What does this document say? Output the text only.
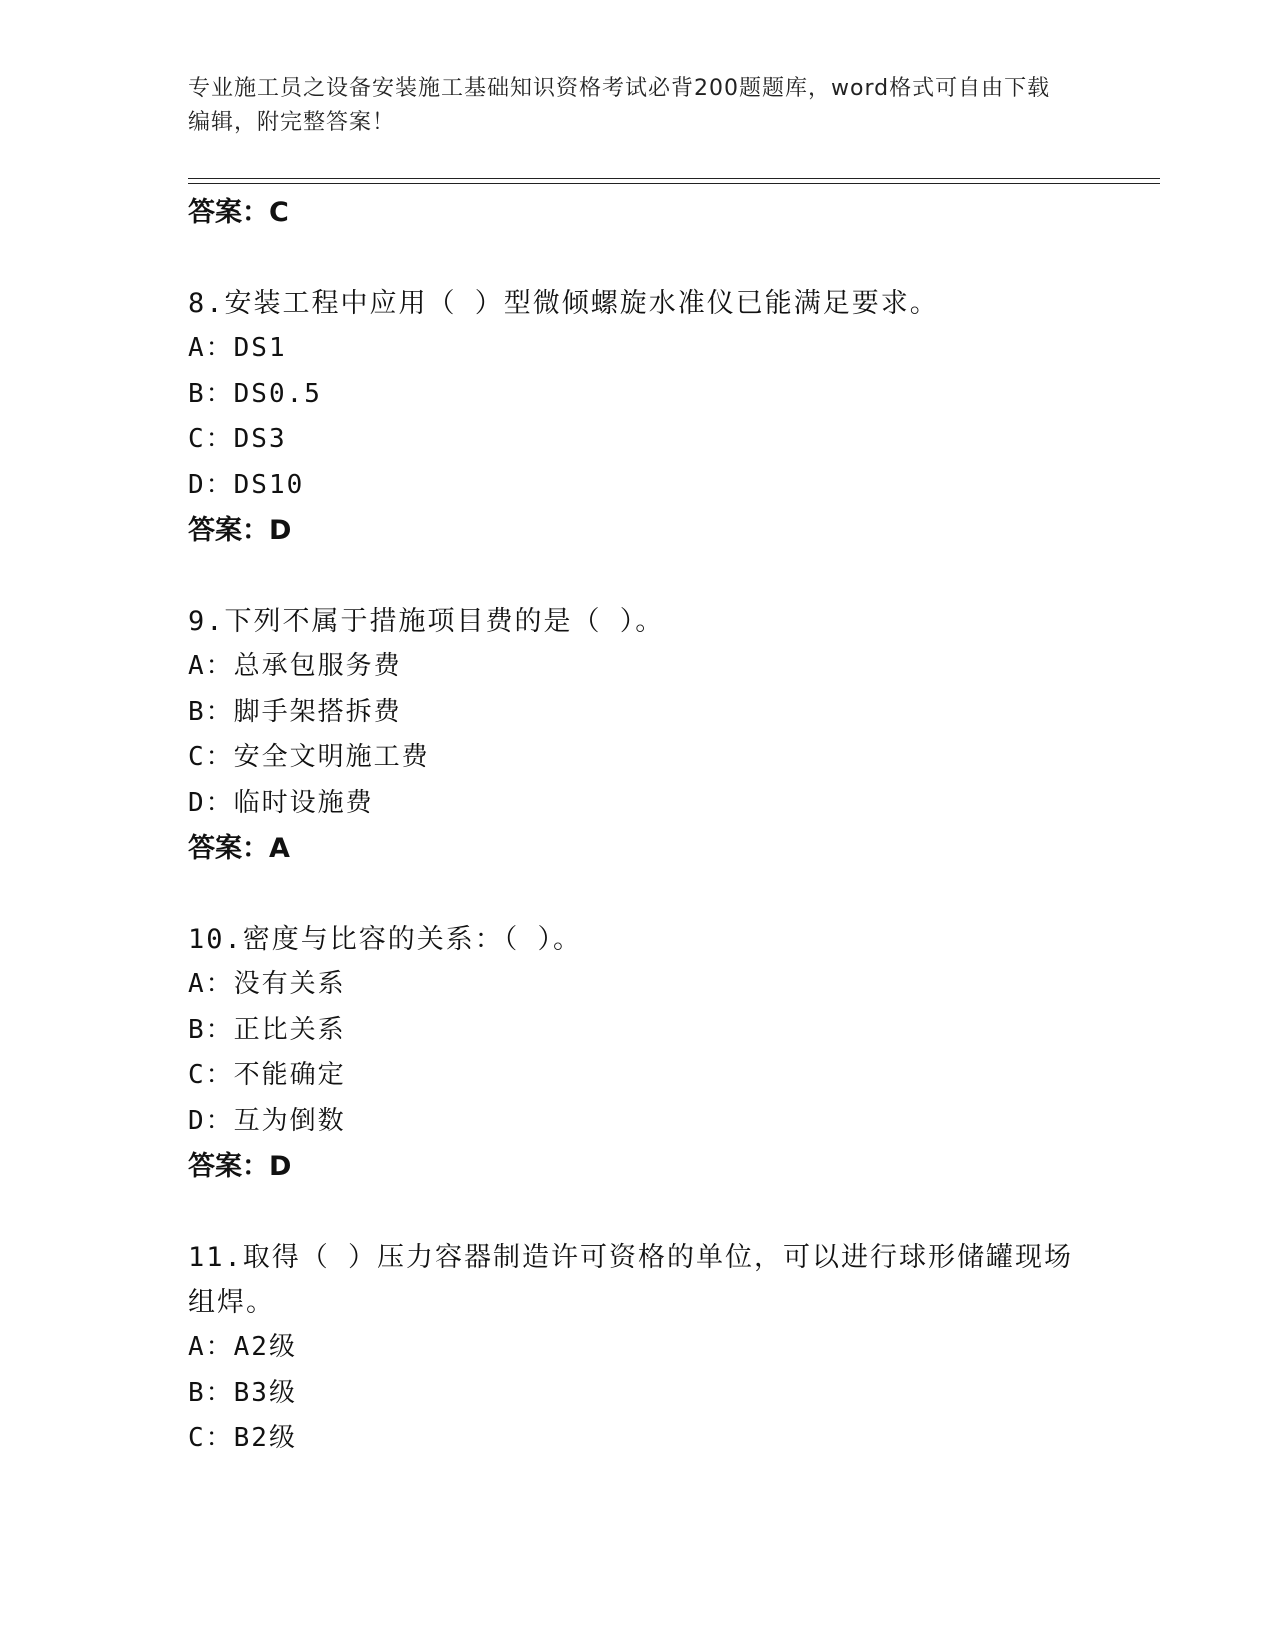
专业施工员之设备安装施工基础知识资格考试必背200题题库，word格式可自由下载编辑，附完整答案！

答案：C

8.安装工程中应用（ ）型微倾螺旋水准仪已能满足要求。

A：DS1

B：DS0.5

C：DS3

D：DS10

答案：D

9.下列不属于措施项目费的是（ ）。

A：总承包服务费

B：脚手架搭拆费

C：安全文明施工费

D：临时设施费

答案：A

10.密度与比容的关系：（ ）。

A：没有关系

B：正比关系

C：不能确定

D：互为倒数

答案：D

11.取得（ ）压力容器制造许可资格的单位，可以进行球形储罐现场组焊。

A：A2级

B：B3级

C：B2级
